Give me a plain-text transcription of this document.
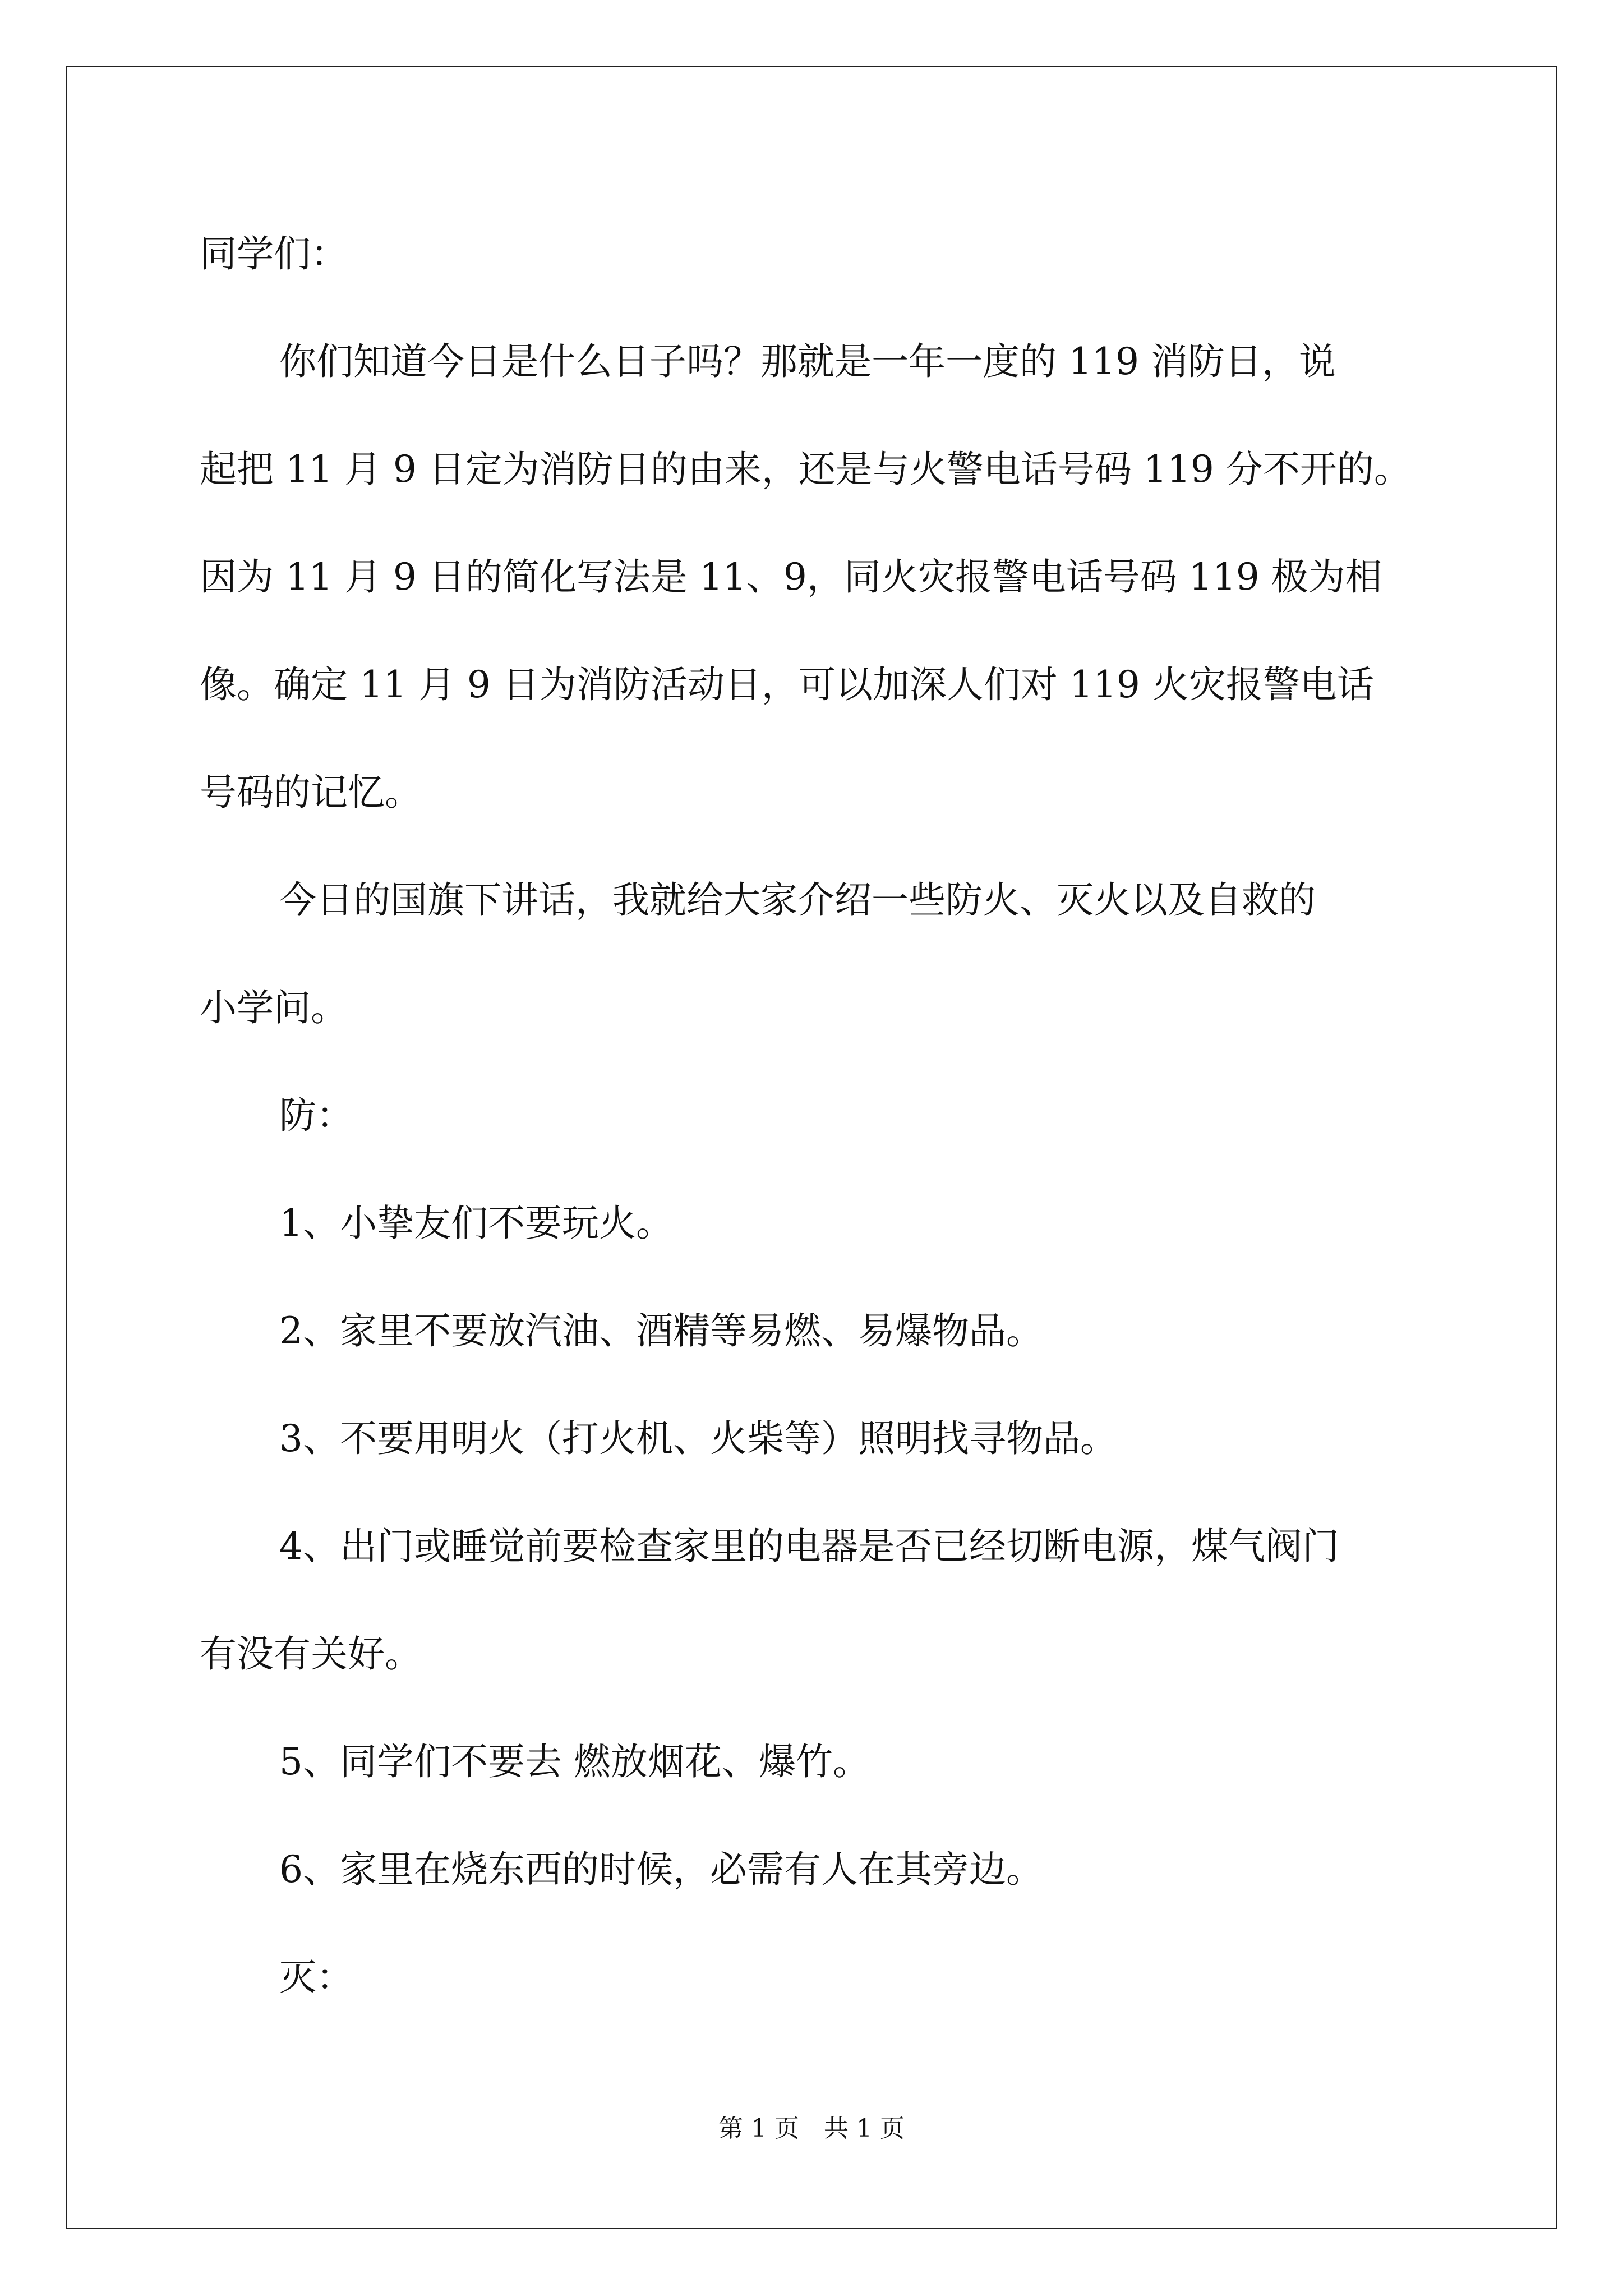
同学们：
你们知道今日是什么日子吗？那就是一年一度的 119 消防日，说
起把 11 月 9 日定为消防日的由来，还是与火警电话号码 119 分不开的。
因为 11 月 9 日的简化写法是 11、9，同火灾报警电话号码 119 极为相
像。确定 11 月 9 日为消防活动日，可以加深人们对 119 火灾报警电话
号码的记忆。
今日的国旗下讲话，我就给大家介绍一些防火、灭火以及自救的
小学问。
防：
1、小挚友们不要玩火。
2、家里不要放汽油、酒精等易燃、易爆物品。
3、不要用明火（打火机、火柴等）照明找寻物品。
4、出门或睡觉前要检查家里的电器是否已经切断电源，煤气阀门
有没有关好。
5、同学们不要去 燃放烟花、爆竹。
6、家里在烧东西的时候，必需有人在其旁边。
灭：
第 1 页　共 1 页
